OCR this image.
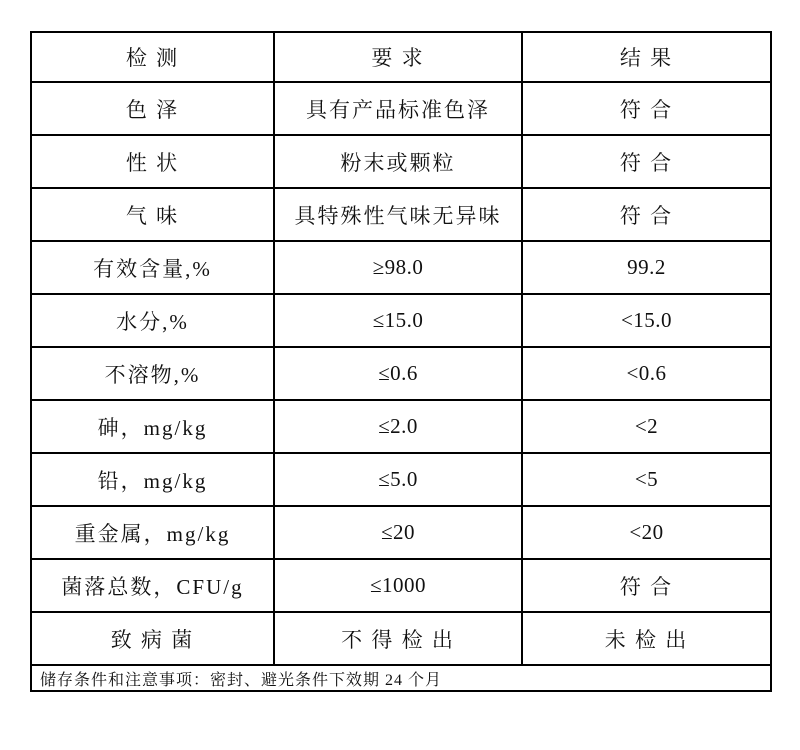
检 测	要 求	结 果
色 泽	具有产品标准色泽	符 合
性 状	粉末或颗粒	符 合
气 味	具特殊性气味无异味	符 合
有效含量,%	≥98.0	99.2
水分,%	≤15.0	<15.0
不溶物,%	≤0.6	<0.6
砷，mg/kg	≤2.0	<2
铅，mg/kg	≤5.0	<5
重金属，mg/kg	≤20	<20
菌落总数，CFU/g	≤1000	符 合
致 病 菌	不 得 检 出	未 检 出
储存条件和注意事项：密封、避光条件下效期 24 个月		
